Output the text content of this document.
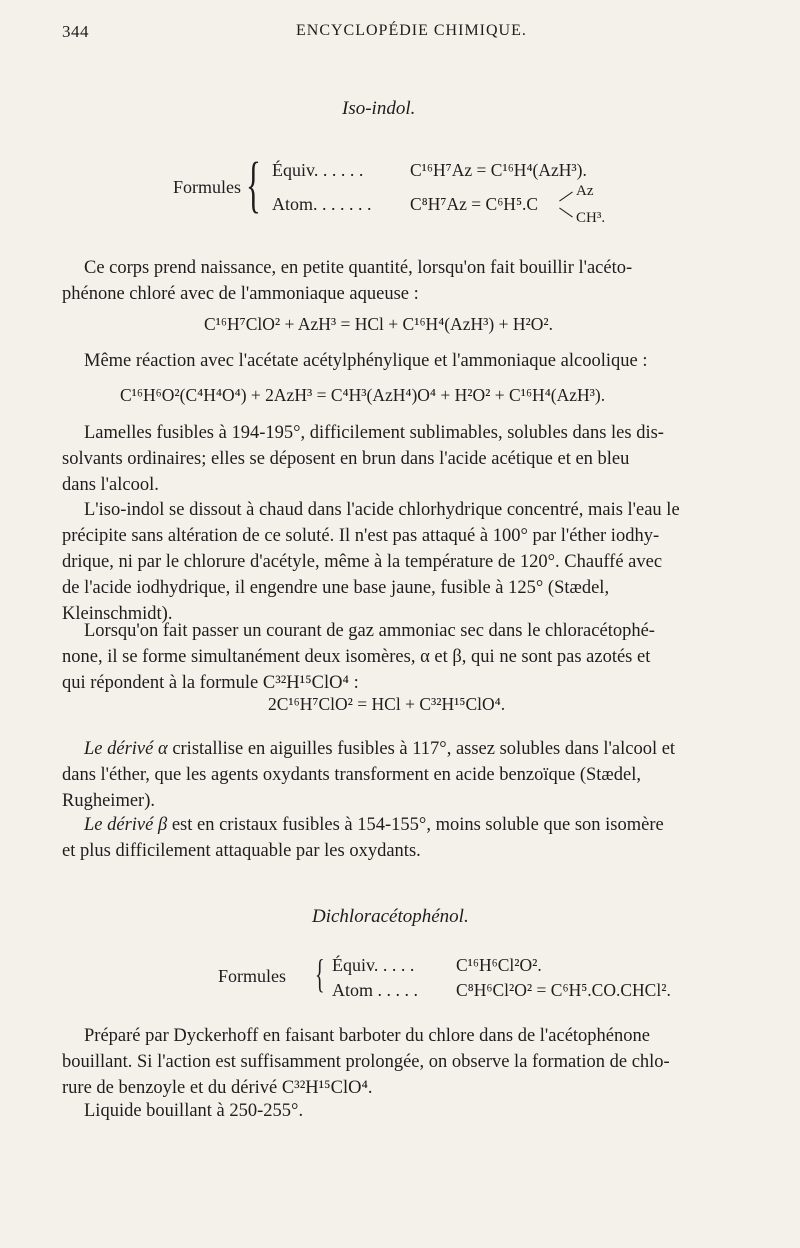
344	ENCYCLOPÉDIE CHIMIQUE.
Iso-indol.
Formules { Équiv. . . . . .	C¹⁶H⁷Az = C¹⁶H⁴(AzH³).
Atom. . . . . . . C⁸H⁷Az = C⁶H⁵.C
Az
CH³.
Ce corps prend naissance, en petite quantité, lorsqu'on fait bouillir l'acéto-
phénone chloré avec de l'ammoniaque aqueuse :
C¹⁶H⁷ClO² + AzH³ = HCl + C¹⁶H⁴(AzH³) + H²O².
Même réaction avec l'acétate acétylphénylique et l'ammoniaque alcoolique :
C¹⁶H⁶O²(C⁴H⁴O⁴) + 2AzH³ = C⁴H³(AzH⁴)O⁴ + H²O² + C¹⁶H⁴(AzH³).
Lamelles fusibles à 194-195°, difficilement sublimables, solubles dans les dis-
solvants ordinaires; elles se déposent en brun dans l'acide acétique et en bleu
dans l'alcool.
L'iso-indol se dissout à chaud dans l'acide chlorhydrique concentré, mais l'eau le
précipite sans altération de ce soluté. Il n'est pas attaqué à 100° par l'éther iodhy-
drique, ni par le chlorure d'acétyle, même à la température de 120°. Chauffé avec
de l'acide iodhydrique, il engendre une base jaune, fusible à 125° (Stædel,
Kleinschmidt).
Lorsqu'on fait passer un courant de gaz ammoniac sec dans le chloracétophé-
none, il se forme simultanément deux isomères, α et β, qui ne sont pas azotés et
qui répondent à la formule C³²H¹⁵ClO⁴ :
2C¹⁶H⁷ClO² = HCl + C³²H¹⁵ClO⁴.
Le dérivé α cristallise en aiguilles fusibles à 117°, assez solubles dans l'alcool et
dans l'éther, que les agents oxydants transforment en acide benzoïque (Stædel,
Rugheimer).
Le dérivé β est en cristaux fusibles à 154-155°, moins soluble que son isomère
et plus difficilement attaquable par les oxydants.
Dichloracétophénol.
Formules { Équiv. . . . . C¹⁶H⁶Cl²O².
Atom . . . . . C⁸H⁶Cl²O² = C⁶H⁵.CO.CHCl².
Préparé par Dyckerhoff en faisant barboter du chlore dans de l'acétophénone
bouillant. Si l'action est suffisamment prolongée, on observe la formation de chlo-
rure de benzoyle et du dérivé C³²H¹⁵ClO⁴.
Liquide bouillant à 250-255°.
